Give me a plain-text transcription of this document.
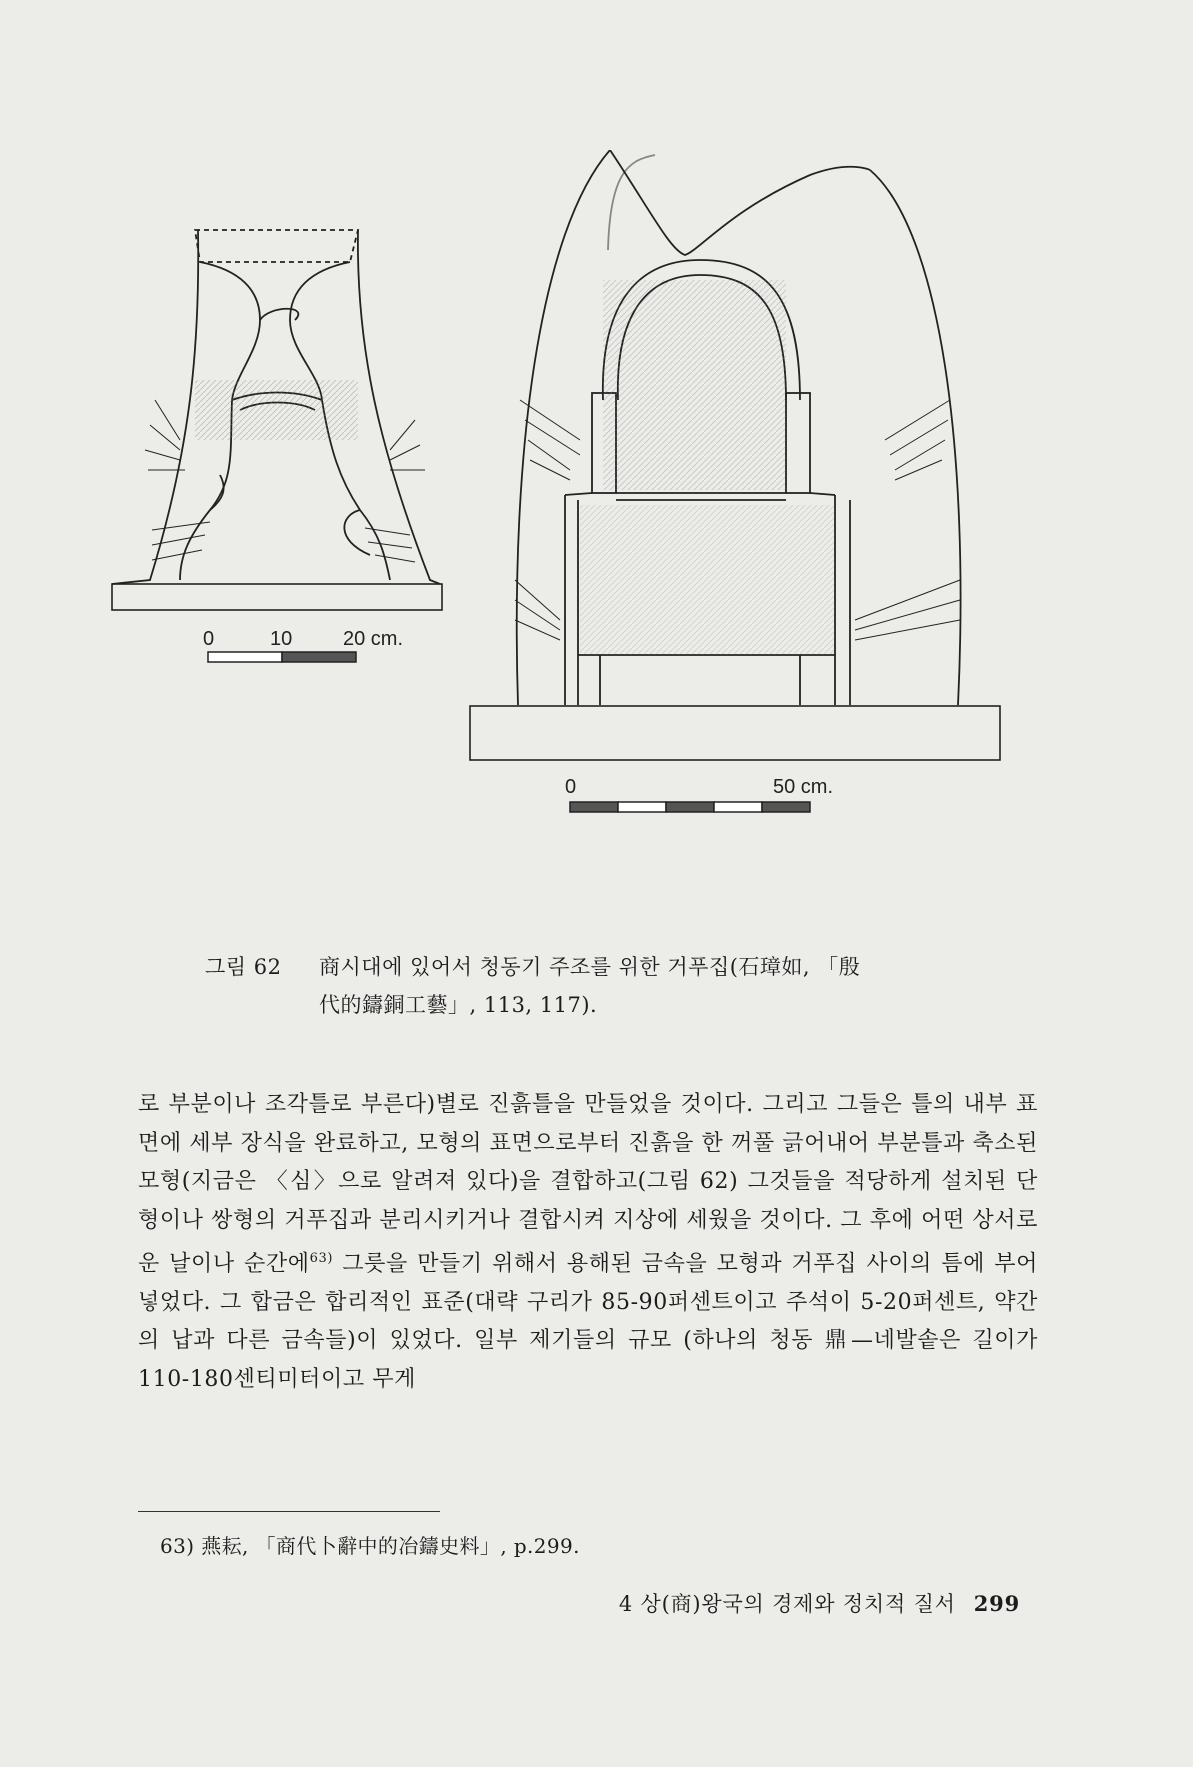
0	10	20 cm.
0	50 cm.
그림 62 商시대에 있어서 청동기 주조를 위한 거푸집(石璋如, 「殷
代的鑄銅工藝」, 113, 117).

로 부분이나 조각틀로 부른다)별로 진흙틀을 만들었을 것이다. 그리고 그들은 틀의 내부 표면에 세부 장식을 완료하고, 모형의 표면으로부터 진흙을 한 꺼풀 긁어내어 부분틀과 축소된 모형(지금은 〈심〉으로 알려져 있다)을 결합하고(그림 62) 그것들을 적당하게 설치된 단형이나 쌍형의 거푸집과 분리시키거나 결합시켜 지상에 세웠을 것이다. 그 후에 어떤 상서로운 날이나 순간에$^{63)}$ 그릇을 만들기 위해서 용해된 금속을 모형과 거푸집 사이의 틈에 부어넣었다. 그 합금은 합리적인 표준(대략 구리가 85-90퍼센트이고 주석이 5-20퍼센트, 약간의 납과 다른 금속들)이 있었다. 일부 제기들의 규모 (하나의 청동 鼎—네발솥은 길이가 110-180센티미터이고 무게

63) 燕耘, 「商代卜辭中的冶鑄史料」, p.299.
4 상(商)왕국의 경제와 정치적 질서 299
